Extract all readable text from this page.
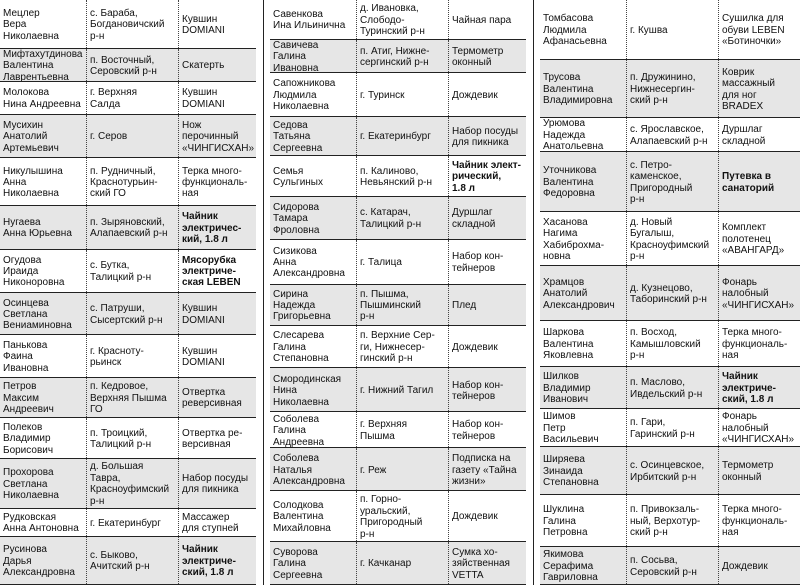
Мецлер
Вера
Николаевна
с. Бараба,
Богдановичский
р-н
Кувшин
DOMIANI
Мифтахутдинова
Валентина
Лаврентьевна
п. Восточный,
Серовский р-н
Скатерть
Молокова
Нина Андреевна
г. Верхняя
Салда
Кувшин
DOMIANI
Мусихин
Анатолий
Артемьевич
г. Серов
Нож
перочинный
«ЧИНГИСХАН»
Никулышина
Анна Николаевна
п. Рудничный,
Краснотурьин-
ский ГО
Терка много-
функциональ-
ная
Нугаева
Анна Юрьевна
п. Зыряновский,
Алапаевский р-н
Чайник
электричес-
кий, 1.8 л
Огудова
Ираида
Никоноровна
с. Бутка,
Талицкий р-н
Мясорубка
электриче-
ская LEBEN
Осинцева
Светлана
Вениаминовна
с. Патруши,
Сысертский р-н
Кувшин
DOMIANI
Панькова
Фаина
Ивановна
г. Красноту-
рьинск
Кувшин
DOMIANI
Петров
Максим
Андреевич
п. Кедровое,
Верхняя Пышма
ГО
Отвертка
реверсивная
Полеков
Владимир
Борисович
п. Троицкий,
Талицкий р-н
Отвертка ре-
версивная
Прохорова
Светлана
Николаевна
д. Большая
Тавра,
Красноуфимский
р-н
Набор посуды
для пикника
Рудковская
Анна Антоновна
г. Екатеринбург
Массажер
для ступней
Русинова
Дарья
Александровна
с. Быково,
Ачитский р-н
Чайник
электриче-
ский, 1.8 л
Савенкова
Ина Ильинична
д. Ивановка,
Слободо-
Туринский р-н
Чайная пара
Савичева
Галина Ивановна
п. Атиг, Нижне-
сергинский р-н
Термометр
оконный
Сапожникова
Людмила
Николаевна
г. Туринск	Дождевик
Седова
Татьяна
Сергеевна
г. Екатеринбург
Набор посуды
для пикника
Семья
Сульгиных
п. Калиново,
Невьянский р-н
Чайник элект-
рический,
1.8 л
Сидорова
Тамара
Фроловна
с. Катарач,
Талицкий р-н
Дуршлаг
складной
Сизикова
Анна
Александровна
г. Талица
Набор кон-
тейнеров
Сирина
Надежда
Григорьевна
п. Пышма,
Пышминский
р-н
Плед
Слесарева
Галина
Степановна
п. Верхние Сер-
ги, Нижнесер-
гинский р-н
Дождевик
Смородинская
Нина
Николаевна
г. Нижний Тагил
Набор кон-
тейнеров
Соболева
Галина
Андреевна
г. Верхняя
Пышма
Набор кон-
тейнеров
Соболева
Наталья
Александровна
г. Реж
Подписка на
газету «Тайна
жизни»
Солодкова
Валентина
Михайловна
п. Горно-
уральский,
Пригородный
р-н
Дождевик
Суворова
Галина
Сергеевна
г. Качканар
Сумка хо-
зяйственная
VETTA
Томбасова
Людмила
Афанасьевна
г. Кушва
Сушилка для
обуви LEBEN
«Ботиночки»
Трусова
Валентина
Владимировна
п. Дружинино,
Нижнесергин-
ский р-н
Коврик
массажный
для ног
BRADEX
Урюмова
Надежда
Анатольевна
с. Ярославское,
Алапаевский р-н
Дуршлаг
складной
Уточникова
Валентина
Федоровна
с. Петро-
каменское,
Пригородный
р-н
Путевка в
санаторий
Хасанова
Нагима
Хабиброхма-
новна
д. Новый
Бугалыш,
Красноуфимский
р-н
Комплект
полотенец
«АВАНГАРД»
Храмцов
Анатолий
Александрович
д. Кузнецово,
Таборинский р-н
Фонарь
налобный
«ЧИНГИСХАН»
Шаркова
Валентина
Яковлевна
п. Восход,
Камышловский
р-н
Терка много-
функциональ-
ная
Шилков
Владимир
Иванович
п. Маслово,
Ивдельский р-н
Чайник
электриче-
ский, 1.8 л
Шимов
Петр Васильевич
п. Гари,
Гаринский р-н
Фонарь
налобный
«ЧИНГИСХАН»
Ширяева
Зинаида
Степановна
с. Осинцевское,
Ирбитский р-н
Термометр
оконный
Шуклина
Галина Петровна
п. Привокзаль-
ный, Верхотур-
ский р-н
Терка много-
функциональ-
ная
Якимова
Серафима
Гавриловна
п. Сосьва,
Серовский р-н
Дождевик
